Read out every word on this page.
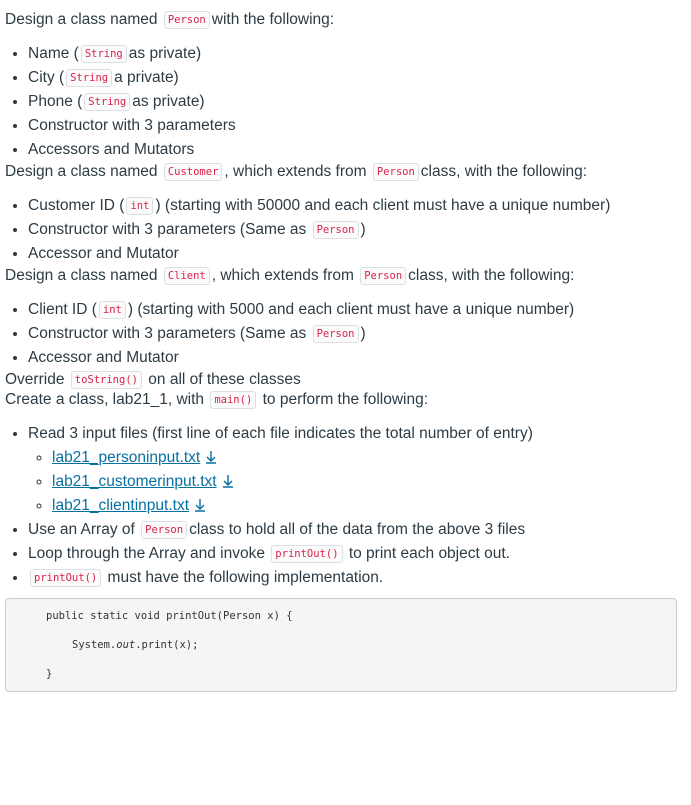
Design a class named Person with the following:

• Name ( String as private)
• City ( String a private)
• Phone ( String as private)
• Constructor with 3 parameters
• Accessors and Mutators

Design a class named Customer , which extends from Person class, with the following:

• Customer ID ( int ) (starting with 50000 and each client must have a unique number)
• Constructor with 3 parameters (Same as Person )
• Accessor and Mutator

Design a class named Client , which extends from Person class, with the following:

• Client ID ( int ) (starting with 5000 and each client must have a unique number)
• Constructor with 3 parameters (Same as Person )
• Accessor and Mutator

Override toString() on all of these classes

Create a class, lab21_1, with main() to perform the following:

• Read 3 input files (first line of each file indicates the total number of entry)
◦ lab21_personinput.txt
◦ lab21_customerinput.txt
◦ lab21_clientinput.txt
• Use an Array of Person class to hold all of the data from the above 3 files
• Loop through the Array and invoke printOut() to print each object out.
• printOut() must have the following implementation.
public static void printOut(Person x) {
System.out.print(x);
}
